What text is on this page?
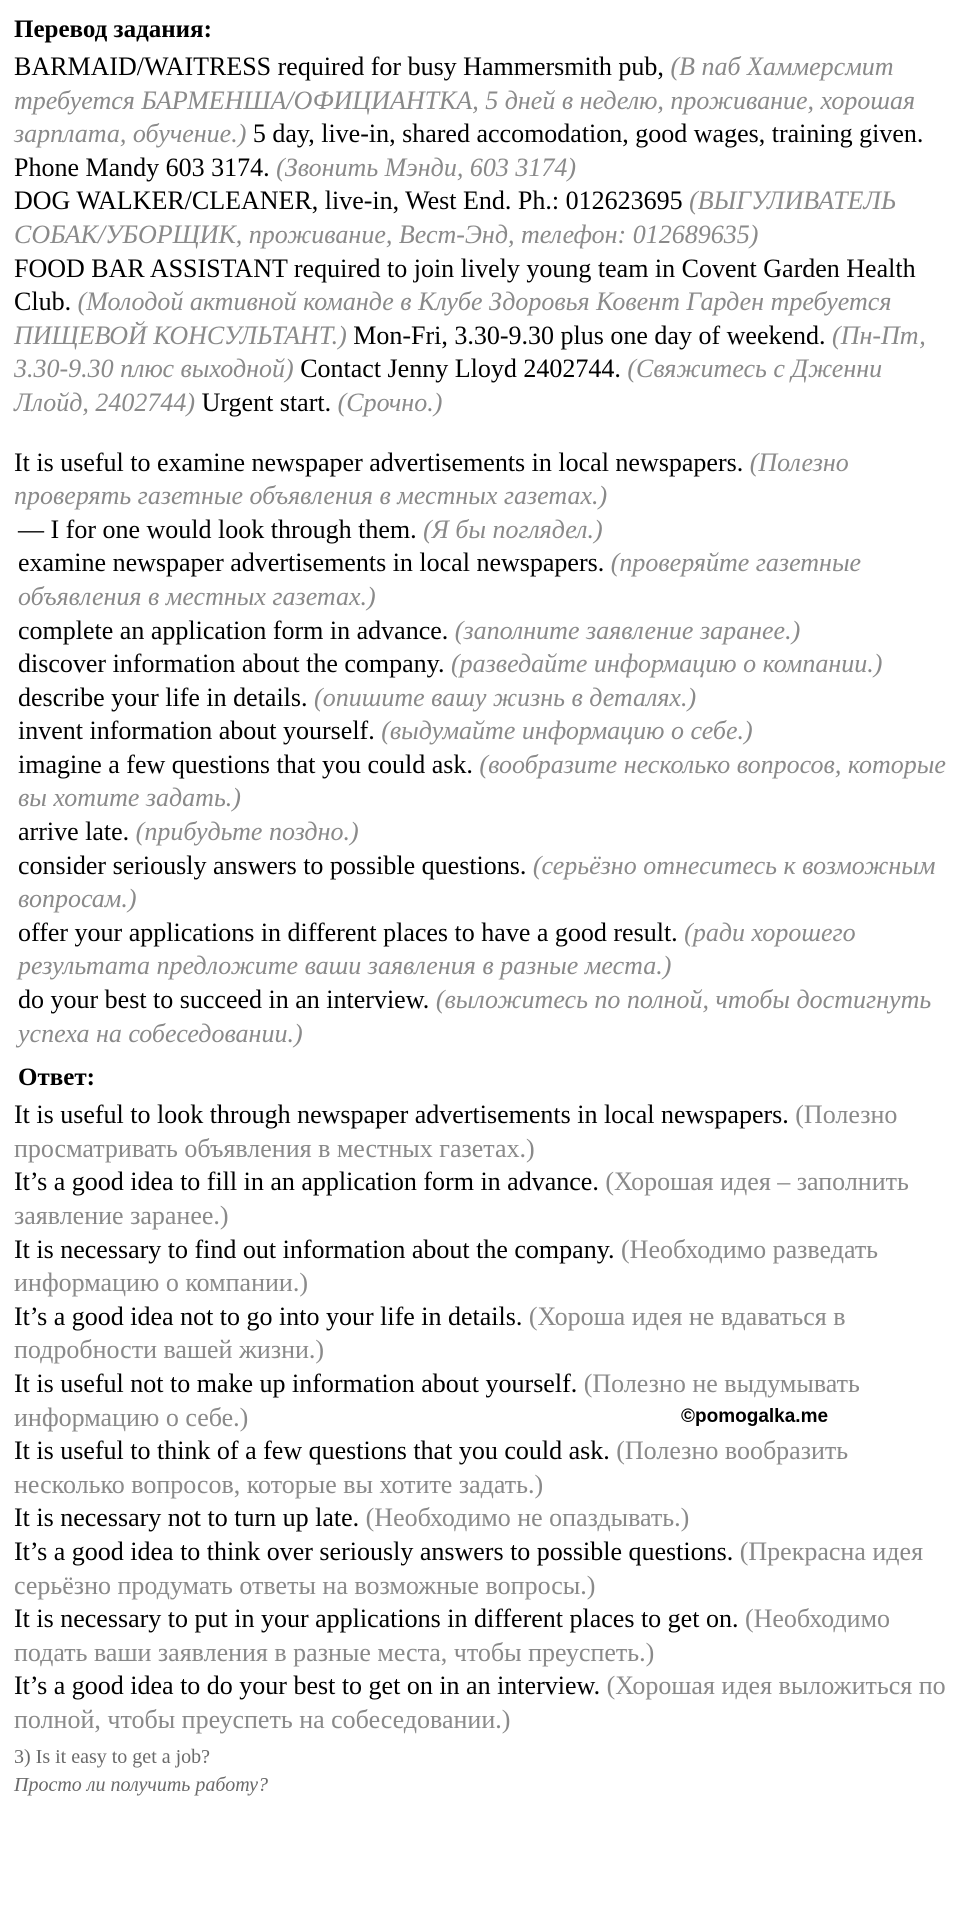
Перевод задания:

BARMAID/WAITRESS required for busy Hammersmith pub, (В паб Хаммерсмит требуется БАРМЕНША/ОФИЦИАНТКА, 5 дней в неделю, проживание, хорошая зарплата, обучение.) 5 day, live-in, shared accomodation, good wages, training given. Phone Mandy 603 3174. (Звонить Мэнди, 603 3174)

DOG WALKER/CLEANER, live-in, West End. Ph.: 012623695 (ВЫГУЛИВАТЕЛЬ СОБАК/УБОРЩИК, проживание, Вест-Энд, телефон: 012689635)

FOOD BAR ASSISTANT required to join lively young team in Covent Garden Health Club. (Молодой активной команде в Клубе Здоровья Ковент Гарден требуется ПИЩЕВОЙ КОНСУЛЬТАНТ.) Mon-Fri, 3.30-9.30 plus one day of weekend. (Пн-Пт, 3.30-9.30 плюс выходной) Contact Jenny Lloyd 2402744. (Свяжитесь с Дженни Ллойд, 2402744) Urgent start. (Срочно.)

It is useful to examine newspaper advertisements in local newspapers. (Полезно проверять газетные объявления в местных газетах.)

— I for one would look through them. (Я бы поглядел.)

examine newspaper advertisements in local newspapers. (проверяйте газетные объявления в местных газетах.)

complete an application form in advance. (заполните заявление заранее.)

discover information about the company. (разведайте информацию о компании.)

describe your life in details. (опишите вашу жизнь в деталях.)

invent information about yourself. (выдумайте информацию о себе.)

imagine a few questions that you could ask. (вообразите несколько вопросов, которые вы хотите задать.)

arrive late. (прибудьте поздно.)

consider seriously answers to possible questions. (серьёзно отнеситесь к возможным вопросам.)

offer your applications in different places to have a good result. (ради хорошего результата предложите ваши заявления в разные места.)

do your best to succeed in an interview. (выложитесь по полной, чтобы достигнуть успеха на собеседовании.)

Ответ:

It is useful to look through newspaper advertisements in local newspapers. (Полезно просматривать объявления в местных газетах.)

It’s a good idea to fill in an application form in advance. (Хорошая идея – заполнить заявление заранее.)

It is necessary to find out information about the company. (Необходимо разведать информацию о компании.)

It’s a good idea not to go into your life in details. (Хороша идея не вдаваться в подробности вашей жизни.)

It is useful not to make up information about yourself. (Полезно не выдумывать информацию о себе.)

It is useful to think of a few questions that you could ask. (Полезно вообразить несколько вопросов, которые вы хотите задать.)

It is necessary not to turn up late. (Необходимо не опаздывать.)

It’s a good idea to think over seriously answers to possible questions. (Прекрасна идея серьёзно продумать ответы на возможные вопросы.)

It is necessary to put in your applications in different places to get on. (Необходимо подать ваши заявления в разные места, чтобы преуспеть.)

It’s a good idea to do your best to get on in an interview. (Хорошая идея выложиться по полной, чтобы преуспеть на собеседовании.)

3) Is it easy to get a job?
Просто ли получить работу?
©pomogalka.me
